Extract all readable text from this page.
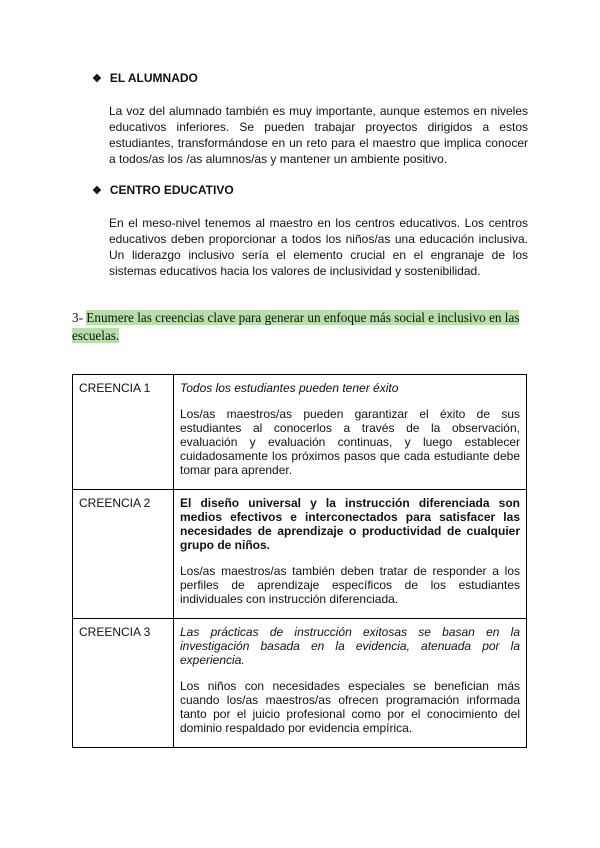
❖ EL ALUMNADO
La voz del alumnado también es muy importante, aunque estemos en niveles educativos inferiores. Se pueden trabajar proyectos dirigidos a estos estudiantes, transformándose en un reto para el maestro que implica conocer a todos/as los /as alumnos/as y mantener un ambiente positivo.
❖ CENTRO EDUCATIVO
En el meso-nivel tenemos al maestro en los centros educativos. Los centros educativos deben proporcionar a todos los niños/as una educación inclusiva. Un liderazgo inclusivo sería el elemento crucial en el engranaje de los sistemas educativos hacia los valores de inclusividad y sostenibilidad.
3- Enumere las creencias clave para generar un enfoque más social e inclusivo en las escuelas.
CREENCIA 1	Todos los estudiantes pueden tener éxito

Los/as maestros/as pueden garantizar el éxito de sus estudiantes al conocerlos a través de la observación, evaluación y evaluación continuas, y luego establecer cuidadosamente los próximos pasos que cada estudiante debe tomar para aprender.

CREENCIA 2	El diseño universal y la instrucción diferenciada son medios efectivos e interconectados para satisfacer las necesidades de aprendizaje o productividad de cualquier grupo de niños.

Los/as maestros/as también deben tratar de responder a los perfiles de aprendizaje específicos de los estudiantes individuales con instrucción diferenciada.

CREENCIA 3	Las prácticas de instrucción exitosas se basan en la investigación basada en la evidencia, atenuada por la experiencia.

Los niños con necesidades especiales se benefician más cuando los/as maestros/as ofrecen programación informada tanto por el juicio profesional como por el conocimiento del dominio respaldado por evidencia empírica.
